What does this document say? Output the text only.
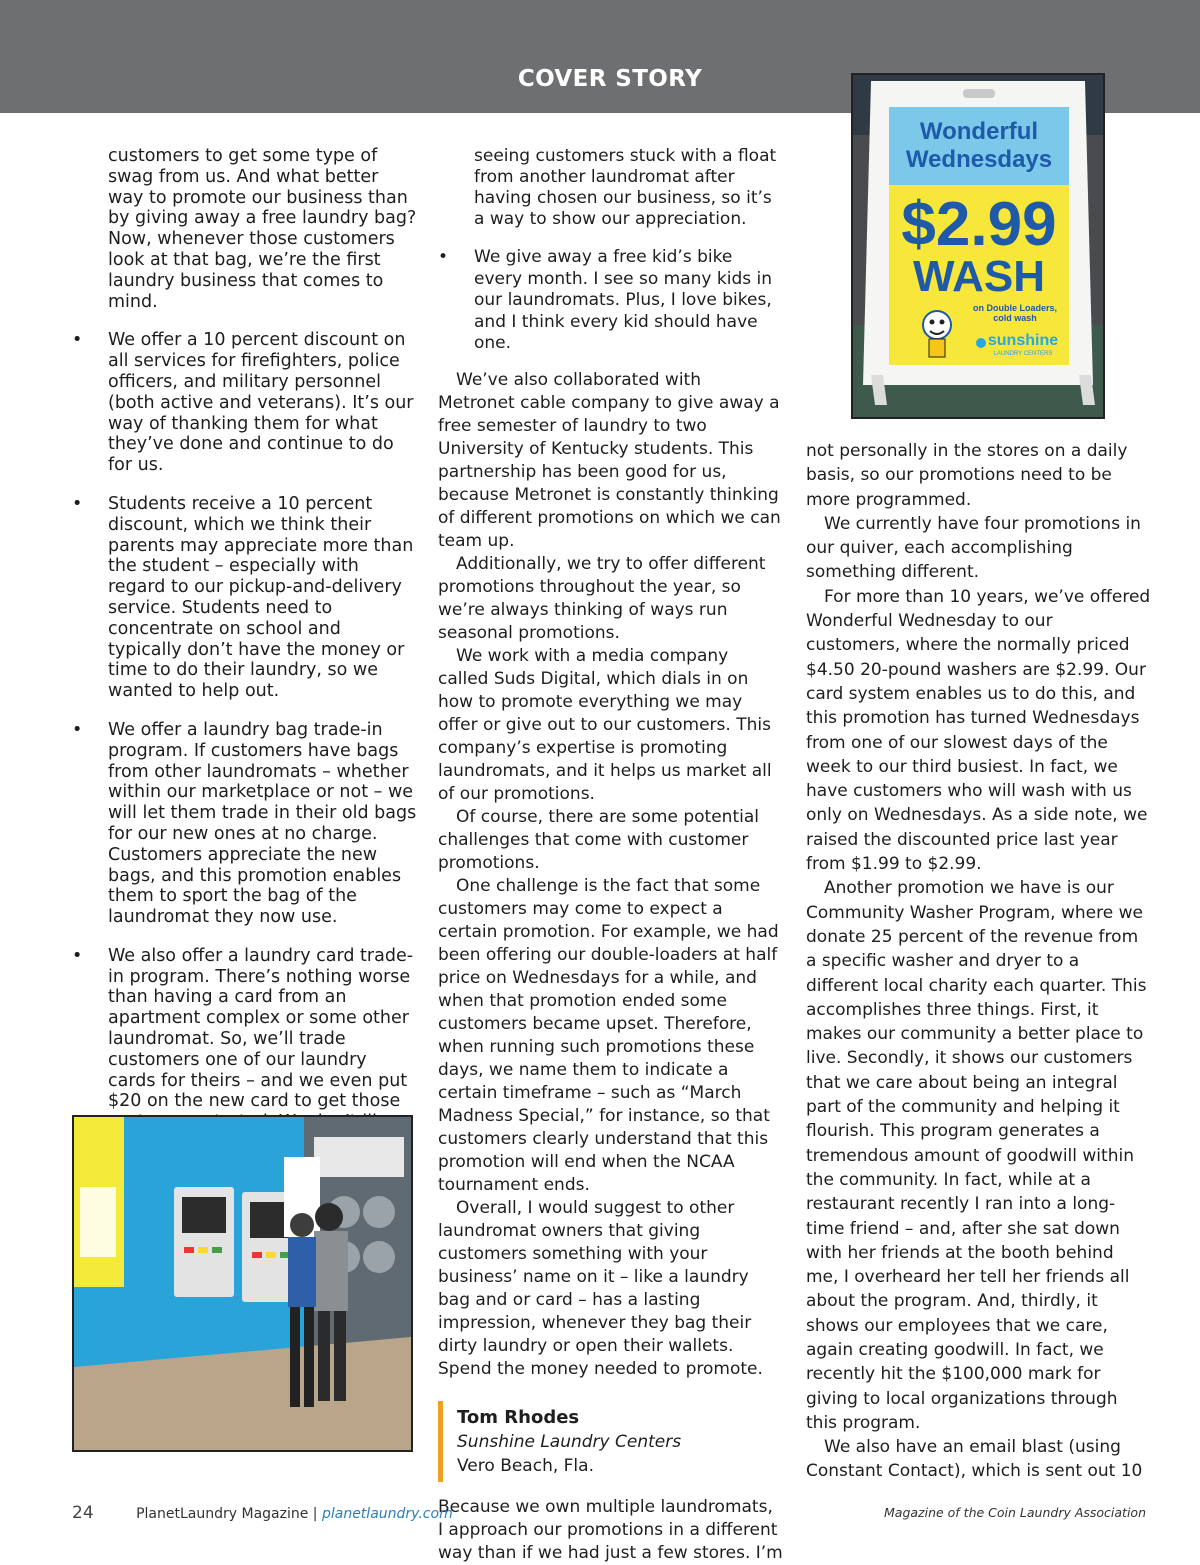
COVER STORY
Wonderful
Wednesdays
$2.99
WASH
on Double Loaders,
cold wash
sunshine
LAUNDRY CENTERS

customers to get some type of swag from us. And what better way to promote our business than by giving away a free laundry bag? Now, whenever those customers look at that bag, we’re the first laundry business that comes to mind.

• We offer a 10 percent discount on all services for firefighters, police officers, and military personnel (both active and veterans). It’s our way of thanking them for what they’ve done and continue to do for us.
• Students receive a 10 percent discount, which we think their parents may appreciate more than the student – especially with regard to our pickup-and-delivery service. Students need to concentrate on school and typically don’t have the money or time to do their laundry, so we wanted to help out.
• We offer a laundry bag trade-in program. If customers have bags from other laundromats – whether within our marketplace or not – we will let them trade in their old bags for our new ones at no charge. Customers appreciate the new bags, and this promotion enables them to sport the bag of the laundromat they now use.
• We also offer a laundry card trade-in program. There’s nothing worse than having a card from an apartment complex or some other laundromat. So, we’ll trade customers one of our laundry cards for theirs – and we even put $20 on the new card to get those

seeing customers stuck with a float from another laundromat after having chosen our business, so it’s a way to show our appreciation.

• We give away a free kid’s bike every month. I see so many kids in our laundromats. Plus, I love bikes, and I think every kid should have one.

We’ve also collaborated with Metronet cable company to give away a free semester of laundry to two University of Kentucky students. This partnership has been good for us, because Metronet is constantly thinking of different promotions on which we can team up.

Additionally, we try to offer different promotions throughout the year, so we’re always thinking of ways run seasonal promotions.

We work with a media company called Suds Digital, which dials in on how to promote everything we may offer or give out to our customers. This company’s expertise is promoting laundromats, and it helps us market all of our promotions.

Of course, there are some potential challenges that come with customer promotions.

One challenge is the fact that some customers may come to expect a certain promotion. For example, we had been offering our double-loaders at half price on Wednesdays for a while, and when that promotion ended some customers became upset. Therefore, when running such promotions these days, we name them to indicate a certain timeframe – such as “March Madness Special,” for instance, so that customers clearly understand that this promotion will end when the NCAA tournament ends.

Overall, I would suggest to other laundromat owners that giving customers something with your business’ name on it – like a laundry bag and or card – has a lasting impression, whenever they bag their dirty laundry or open their wallets. Spend the money needed to promote.

Tom Rhodes
Sunshine Laundry Centers
Vero Beach, Fla.

Because we own multiple laundromats, I approach our promotions in a different way than if we had just a few stores. I’m

not personally in the stores on a daily basis, so our promotions need to be more programmed.

We currently have four promotions in our quiver, each accomplishing something different.

For more than 10 years, we’ve offered Wonderful Wednesday to our customers, where the normally priced $4.50 20-pound washers are $2.99. Our card system enables us to do this, and this promotion has turned Wednesdays from one of our slowest days of the week to our third busiest. In fact, we have customers who will wash with us only on Wednesdays. As a side note, we raised the discounted price last year from $1.99 to $2.99.

Another promotion we have is our Community Washer Program, where we donate 25 percent of the revenue from a specific washer and dryer to a different local charity each quarter. This accomplishes three things. First, it makes our community a better place to live. Secondly, it shows our customers that we care about being an integral part of the community and helping it flourish. This program generates a tremendous amount of goodwill within the community. In fact, while at a restaurant recently I ran into a long-time friend – and, after she sat down with her friends at the booth behind me, I overheard her tell her friends all about the program. And, thirdly, it shows our employees that we care, again creating goodwill. In fact, we recently hit the $100,000 mark for giving to local organizations through this program.

We also have an email blast (using Constant Contact), which is sent out 10

24	PlanetLaundry Magazine | planetlaundry.com	Magazine of the Coin Laundry Association
